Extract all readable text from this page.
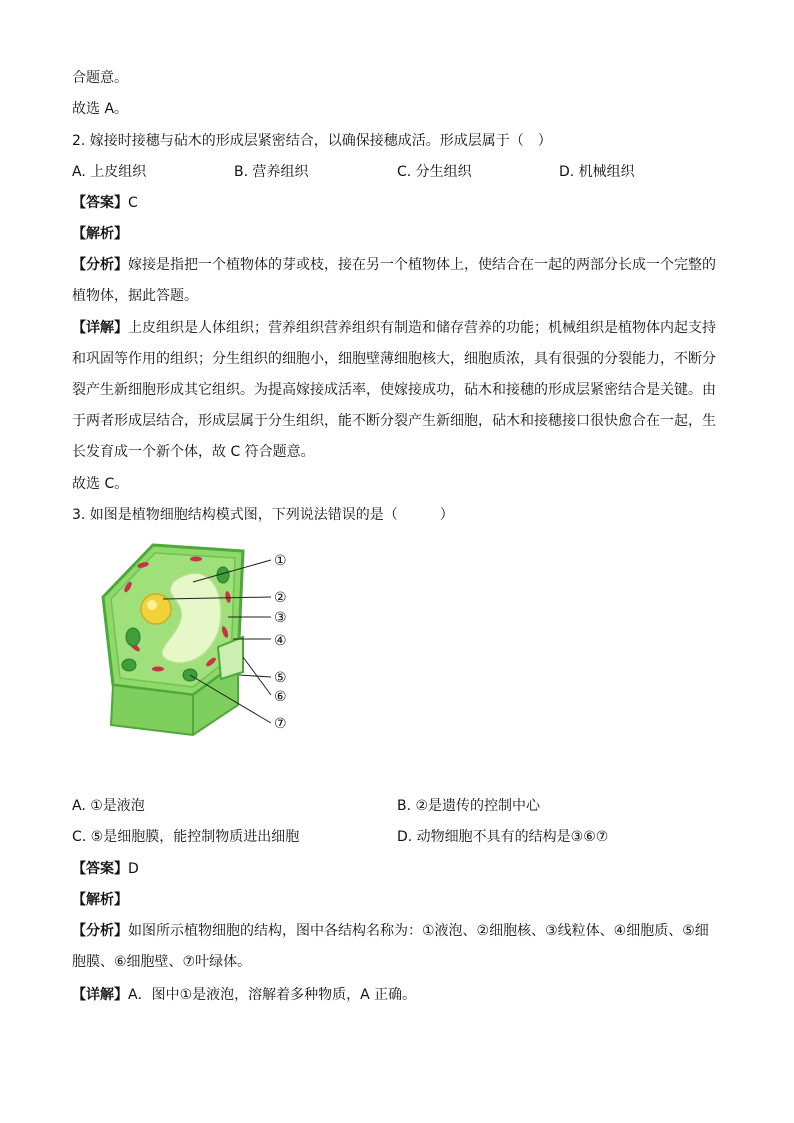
合题意。
故选 A。
2. 嫁接时接穗与砧木的形成层紧密结合，以确保接穗成活。形成层属于（　）
A. 上皮组织	B. 营养组织	C. 分生组织	D. 机械组织
【答案】C
【解析】
【分析】嫁接是指把一个植物体的芽或枝，接在另一个植物体上，使结合在一起的两部分长成一个完整的植物体，据此答题。
【详解】上皮组织是人体组织；营养组织营养组织有制造和储存营养的功能；机械组织是植物体内起支持和巩固等作用的组织；分生组织的细胞小，细胞壁薄细胞核大，细胞质浓，具有很强的分裂能力，不断分裂产生新细胞形成其它组织。为提高嫁接成活率，使嫁接成功，砧木和接穗的形成层紧密结合是关键。由于两者形成层结合，形成层属于分生组织，能不断分裂产生新细胞，砧木和接穗接口很快愈合在一起，生长发育成一个新个体，故 C 符合题意。
故选 C。
3. 如图是植物细胞结构模式图，下列说法错误的是（　　　）
①
②
③
④
⑤
⑥
⑦
A. ①是液泡	B. ②是遗传的控制中心
C. ⑤是细胞膜，能控制物质进出细胞	D. 动物细胞不具有的结构是③⑥⑦
【答案】D
【解析】
【分析】如图所示植物细胞的结构，图中各结构名称为：①液泡、②细胞核、③线粒体、④细胞质、⑤细胞膜、⑥细胞壁、⑦叶绿体。
【详解】A．图中①是液泡，溶解着多种物质，A 正确。
